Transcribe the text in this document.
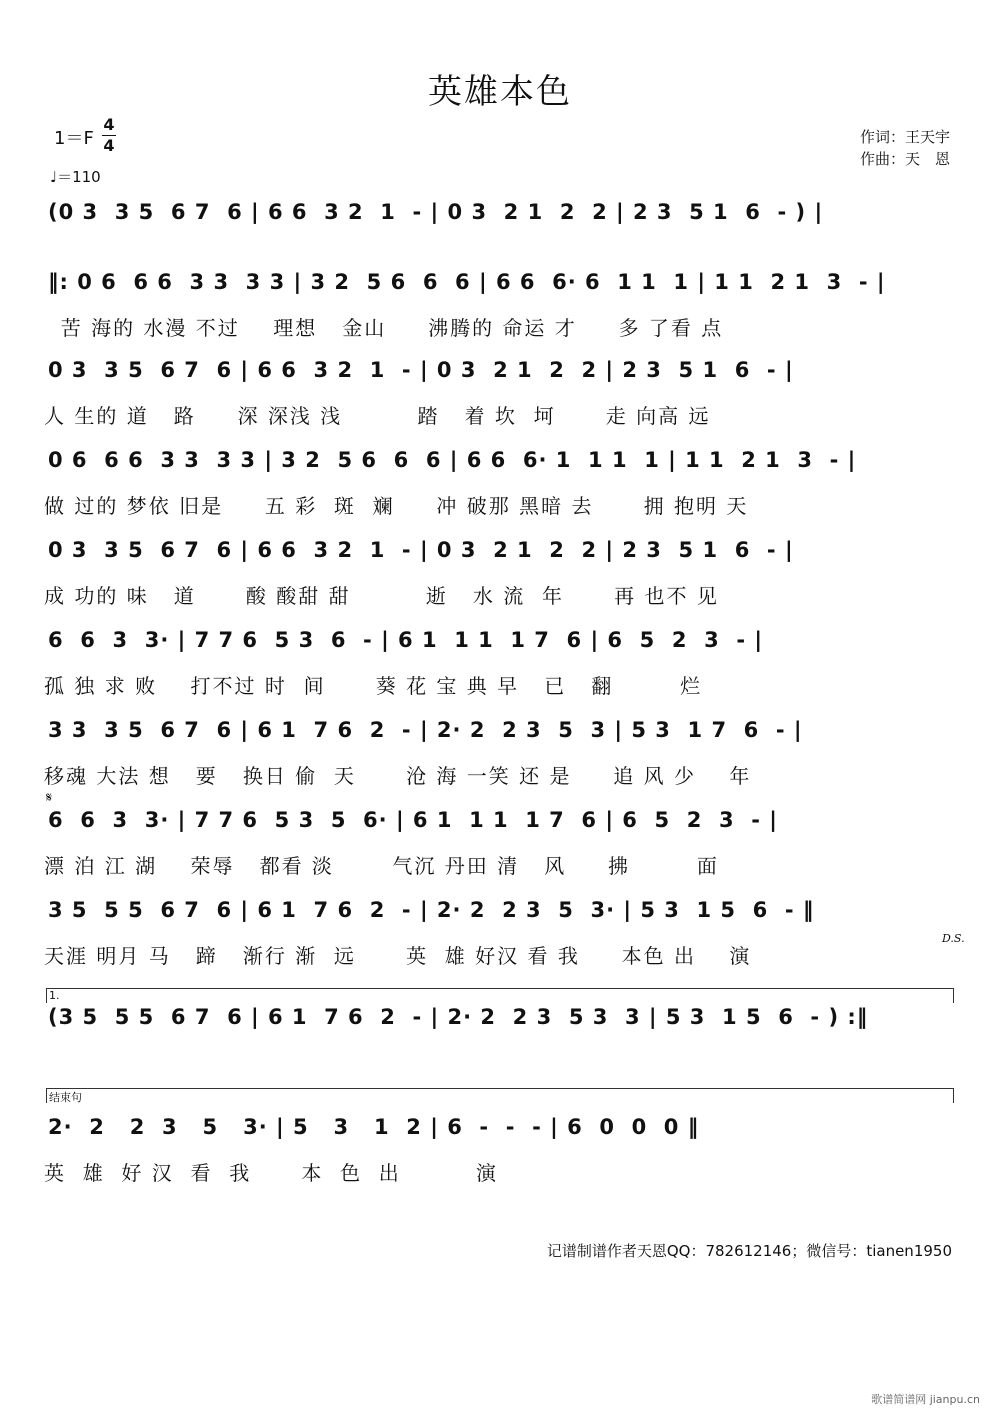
英雄本色
1＝F
4
4
♩＝110
作词：王天宇
作曲：天　恩
(0 3  3 5  6 7  6 | 6 6  3 2  1  - | 0 3  2 1  2  2 | 2 3  5 1  6  - ) |
‖: 0 6  6 6  3 3  3 3 | 3 2  5 6  6  6 | 6 6  6· 6  1 1  1 | 1 1  2 1  3  - |
苦 海的 水漫 不过    理想   金山     沸腾的 命运 才     多 了看 点
0 3  3 5  6 7  6 | 6 6  3 2  1  - | 0 3  2 1  2  2 | 2 3  5 1  6  - |
人 生的 道   路     深 深浅 浅         踏   着 坎  坷      走 向高 远
0 6  6 6  3 3  3 3 | 3 2  5 6  6  6 | 6 6  6· 1  1 1  1 | 1 1  2 1  3  - |
做 过的 梦依 旧是     五 彩  斑  斓     冲 破那 黑暗 去      拥 抱明 天
0 3  3 5  6 7  6 | 6 6  3 2  1  - | 0 3  2 1  2  2 | 2 3  5 1  6  - |
成 功的 味   道      酸 酸甜 甜         逝   水 流  年      再 也不 见
6  6  3  3· | 7 7 6  5 3  6  - | 6 1  1 1  1 7  6 | 6  5  2  3  - |
孤 独 求 败    打不过 时  间      葵 花 宝 典 早   已   翻        烂
3 3  3 5  6 7  6 | 6 1  7 6  2  - | 2· 2  2 3  5  3 | 5 3  1 7  6  - |
移魂 大法 想   要   换日 偷  天      沧 海 一笑 还 是     追 风 少    年
6  6  3  3· | 7 7 6  5 3  5  6· | 6 1  1 1  1 7  6 | 6  5  2  3  - |
漂 泊 江 湖    荣辱   都看 淡       气沉 丹田 清   风     拂        面
3 5  5 5  6 7  6 | 6 1  7 6  2  - | 2· 2  2 3  5  3· | 5 3  1 5  6  - ‖
天涯 明月 马   蹄   渐行 渐  远      英  雄 好汉 看 我     本色 出    演
(3 5  5 5  6 7  6 | 6 1  7 6  2  - | 2· 2  2 3  5 3  3 | 5 3  1 5  6  - ) :‖
2·  2   2  3   5   3· | 5   3   1  2 | 6  -  -  - | 6  0  0  0 ‖
英  雄  好 汉  看  我      本  色  出         演
𝄋
D.S.
1.
结束句
记谱制谱作者天恩QQ：782612146；微信号：tianen1950
歌谱简谱网 jianpu.cn
